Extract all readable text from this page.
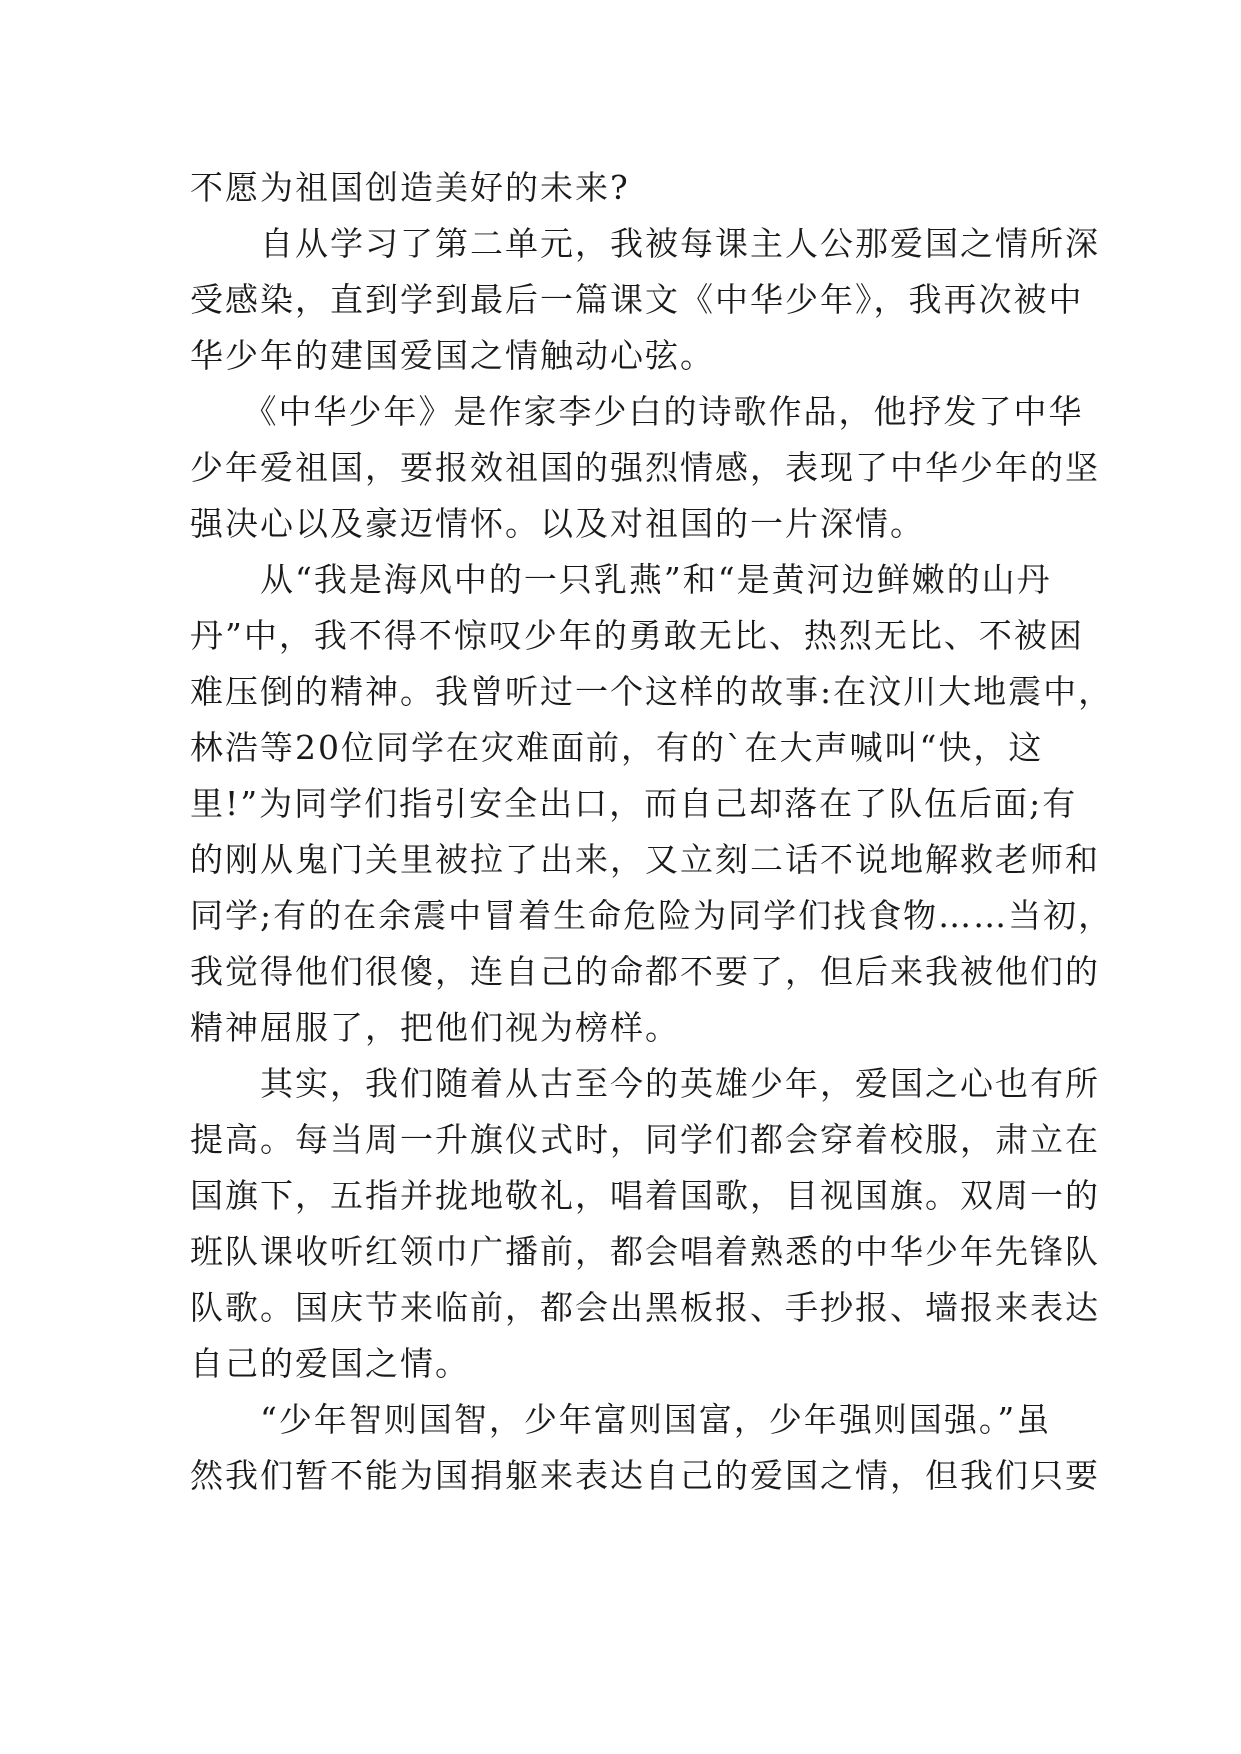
不愿为祖国创造美好的未来?
　　自从学习了第二单元，我被每课主人公那爱国之情所深
受感染，直到学到最后一篇课文《中华少年》，我再次被中
华少年的建国爱国之情触动心弦。
　　《中华少年》是作家李少白的诗歌作品，他抒发了中华
少年爱祖国，要报效祖国的强烈情感，表现了中华少年的坚
强决心以及豪迈情怀。以及对祖国的一片深情。
　　从“我是海风中的一只乳燕”和“是黄河边鲜嫩的山丹
丹”中，我不得不惊叹少年的勇敢无比、热烈无比、不被困
难压倒的精神。我曾听过一个这样的故事:在汶川大地震中，
林浩等20位同学在灾难面前，有的`在大声喊叫“快，这
里!”为同学们指引安全出口，而自己却落在了队伍后面;有
的刚从鬼门关里被拉了出来，又立刻二话不说地解救老师和
同学;有的在余震中冒着生命危险为同学们找食物……当初，
我觉得他们很傻，连自己的命都不要了，但后来我被他们的
精神屈服了，把他们视为榜样。
　　其实，我们随着从古至今的英雄少年，爱国之心也有所
提高。每当周一升旗仪式时，同学们都会穿着校服，肃立在
国旗下，五指并拢地敬礼，唱着国歌，目视国旗。双周一的
班队课收听红领巾广播前，都会唱着熟悉的中华少年先锋队
队歌。国庆节来临前，都会出黑板报、手抄报、墙报来表达
自己的爱国之情。
　　“少年智则国智，少年富则国富，少年强则国强。”虽
然我们暂不能为国捐躯来表达自己的爱国之情，但我们只要
